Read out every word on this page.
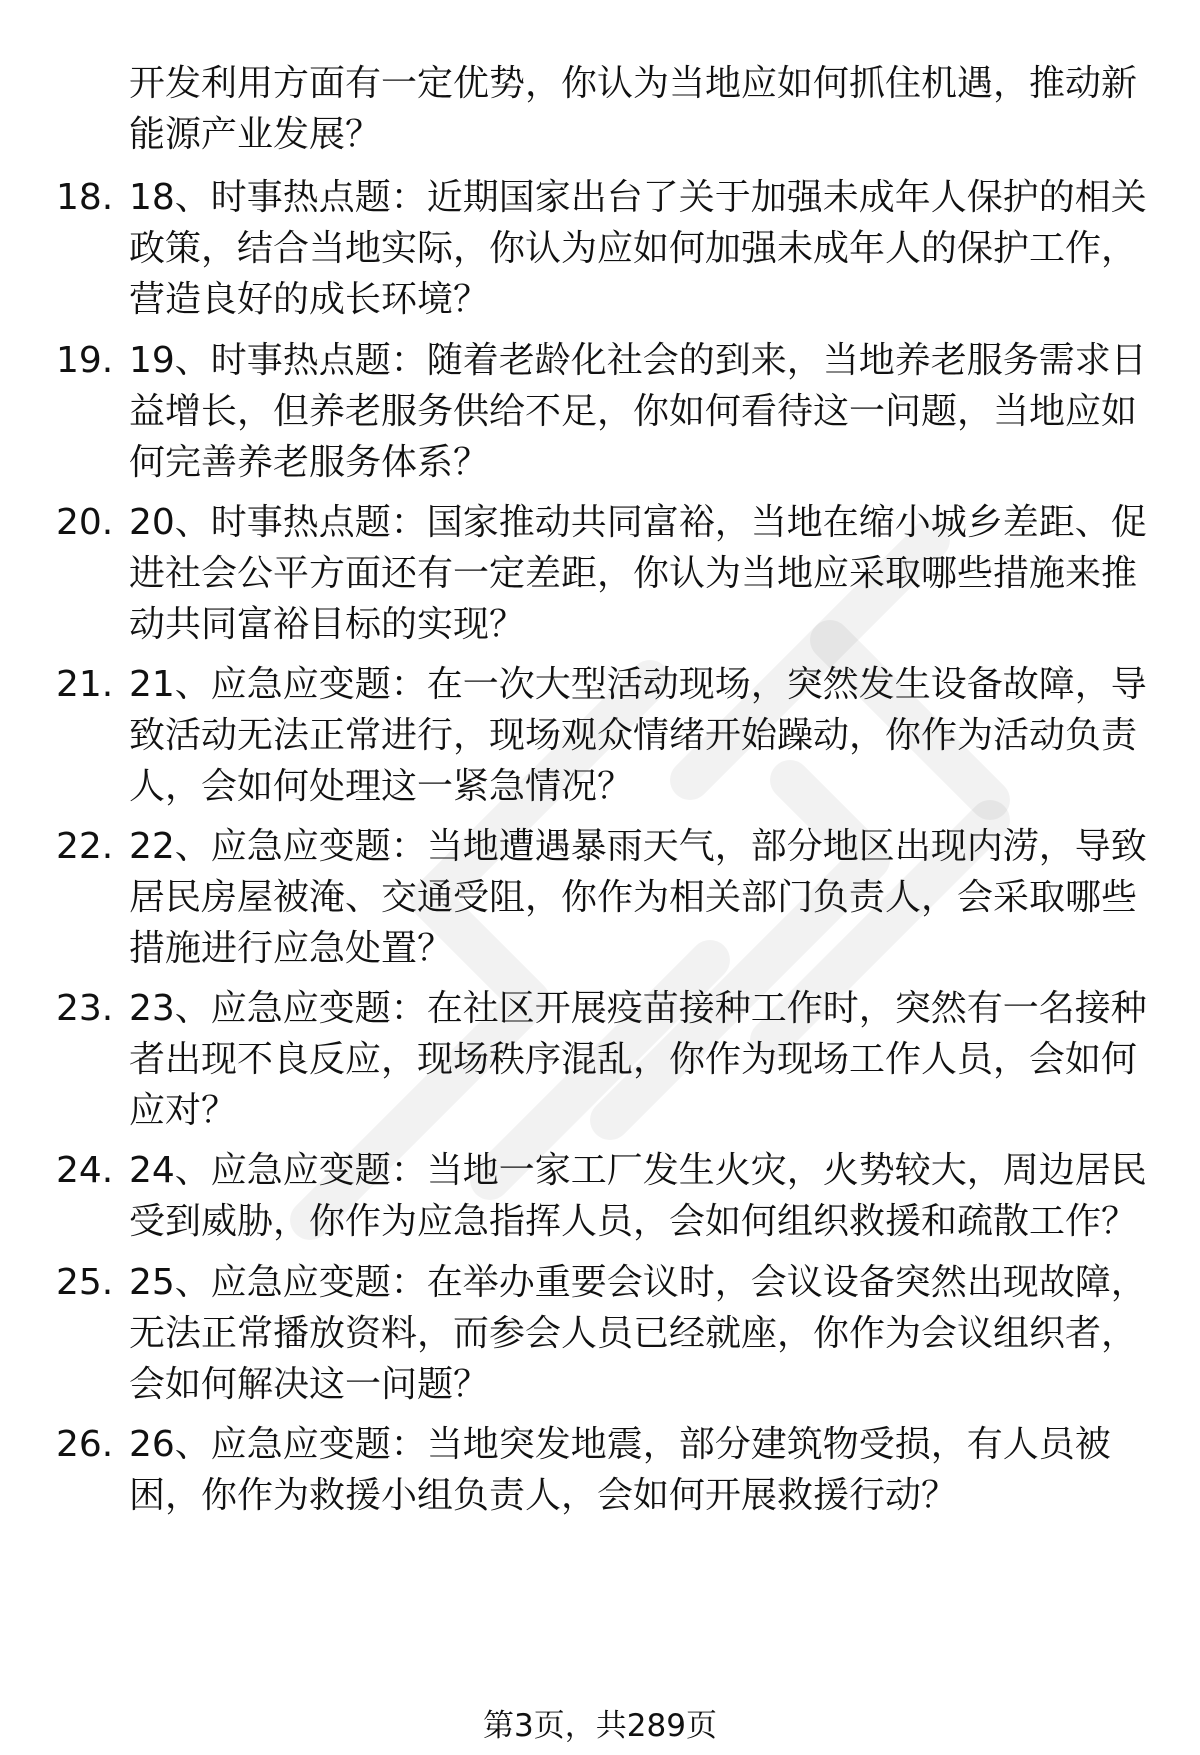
开发利用方面有一定优势，你认为当地应如何抓住机遇，推动新能源产业发展？
18. 18、时事热点题：近期国家出台了关于加强未成年人保护的相关政策，结合当地实际，你认为应如何加强未成年人的保护工作，营造良好的成长环境？
19. 19、时事热点题：随着老龄化社会的到来，当地养老服务需求日益增长，但养老服务供给不足，你如何看待这一问题，当地应如何完善养老服务体系？
20. 20、时事热点题：国家推动共同富裕，当地在缩小城乡差距、促进社会公平方面还有一定差距，你认为当地应采取哪些措施来推动共同富裕目标的实现？
21. 21、应急应变题：在一次大型活动现场，突然发生设备故障，导致活动无法正常进行，现场观众情绪开始躁动，你作为活动负责人，会如何处理这一紧急情况？
22. 22、应急应变题：当地遭遇暴雨天气，部分地区出现内涝，导致居民房屋被淹、交通受阻，你作为相关部门负责人，会采取哪些措施进行应急处置？
23. 23、应急应变题：在社区开展疫苗接种工作时，突然有一名接种者出现不良反应，现场秩序混乱，你作为现场工作人员，会如何应对？
24. 24、应急应变题：当地一家工厂发生火灾，火势较大，周边居民受到威胁，你作为应急指挥人员，会如何组织救援和疏散工作？
25. 25、应急应变题：在举办重要会议时，会议设备突然出现故障，无法正常播放资料，而参会人员已经就座，你作为会议组织者，会如何解决这一问题？
26. 26、应急应变题：当地突发地震，部分建筑物受损，有人员被困，你作为救援小组负责人，会如何开展救援行动？
第3页，共289页
